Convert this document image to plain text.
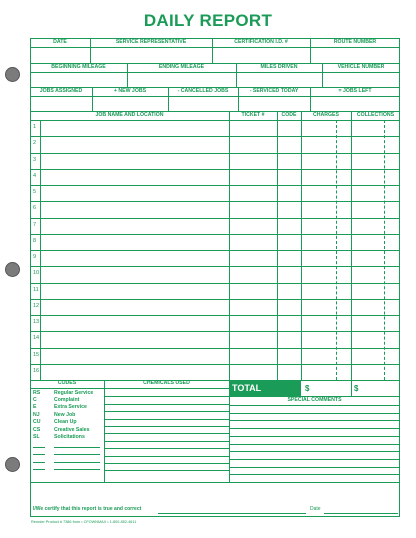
DAILY REPORT
DATE	SERVICE REPRESENTATIVE	CERTIFICATION I.D. #	ROUTE NUMBER
BEGINNING MILEAGE	ENDING MILEAGE	MILES DRIVEN	VEHICLE NUMBER
JOBS ASSIGNED	+ NEW JOBS	- CANCELLED JOBS	- SERVICED TODAY	= JOBS LEFT
JOB NAME AND LOCATION	TICKET #	CODE	CHARGES	COLLECTIONS
1
2
3
4
5
6
7
8
9
10
11
12
13
14
15
16
CODES	CHEMICALS USED	TOTAL DOLLARS
$	$
SPECIAL COMMENTS
RS	Regular Service
C	Complaint
E	Extra Service
NJ	New Job
CU	Clean Up
CS	Creative Sales
SL	Solicitations
I/We certify that this report is true and correct	Date
Reorder Product # 7386 from • CFOWNMAX • 1-800-852-4611
